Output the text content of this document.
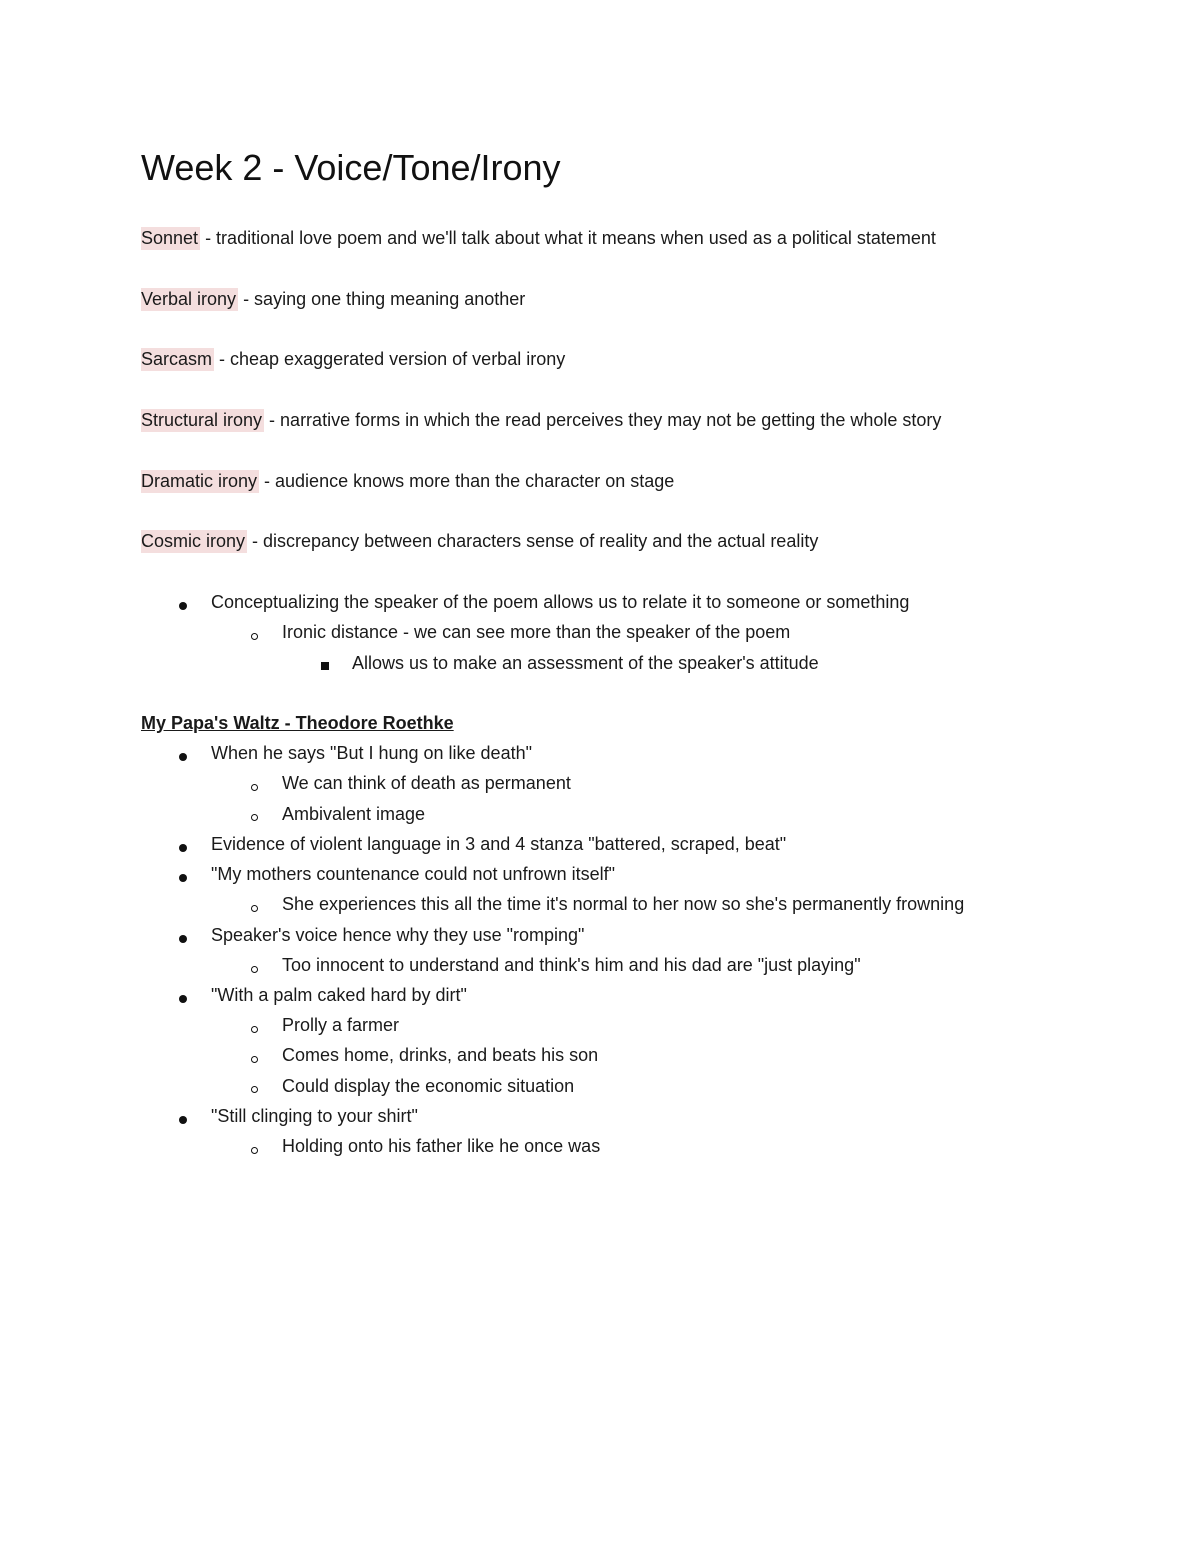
Week 2 - Voice/Tone/Irony
Sonnet - traditional love poem and we'll talk about what it means when used as a political statement
Verbal irony - saying one thing meaning another
Sarcasm - cheap exaggerated version of verbal irony
Structural irony - narrative forms in which the read perceives they may not be getting the whole story
Dramatic irony - audience knows more than the character on stage
Cosmic irony - discrepancy between characters sense of reality and the actual reality
Conceptualizing the speaker of the poem allows us to relate it to someone or something
Ironic distance - we can see more than the speaker of the poem
Allows us to make an assessment of the speaker's attitude
My Papa's Waltz - Theodore Roethke
When he says "But I hung on like death"
We can think of death as permanent
Ambivalent image
Evidence of violent language in 3 and 4 stanza "battered, scraped, beat"
"My mothers countenance could not unfrown itself"
She experiences this all the time it's normal to her now so she's permanently frowning
Speaker's voice hence why they use "romping"
Too innocent to understand and think's him and his dad are "just playing"
"With a palm caked hard by dirt"
Prolly a farmer
Comes home, drinks, and beats his son
Could display the economic situation
"Still clinging to your shirt"
Holding onto his father like he once was
